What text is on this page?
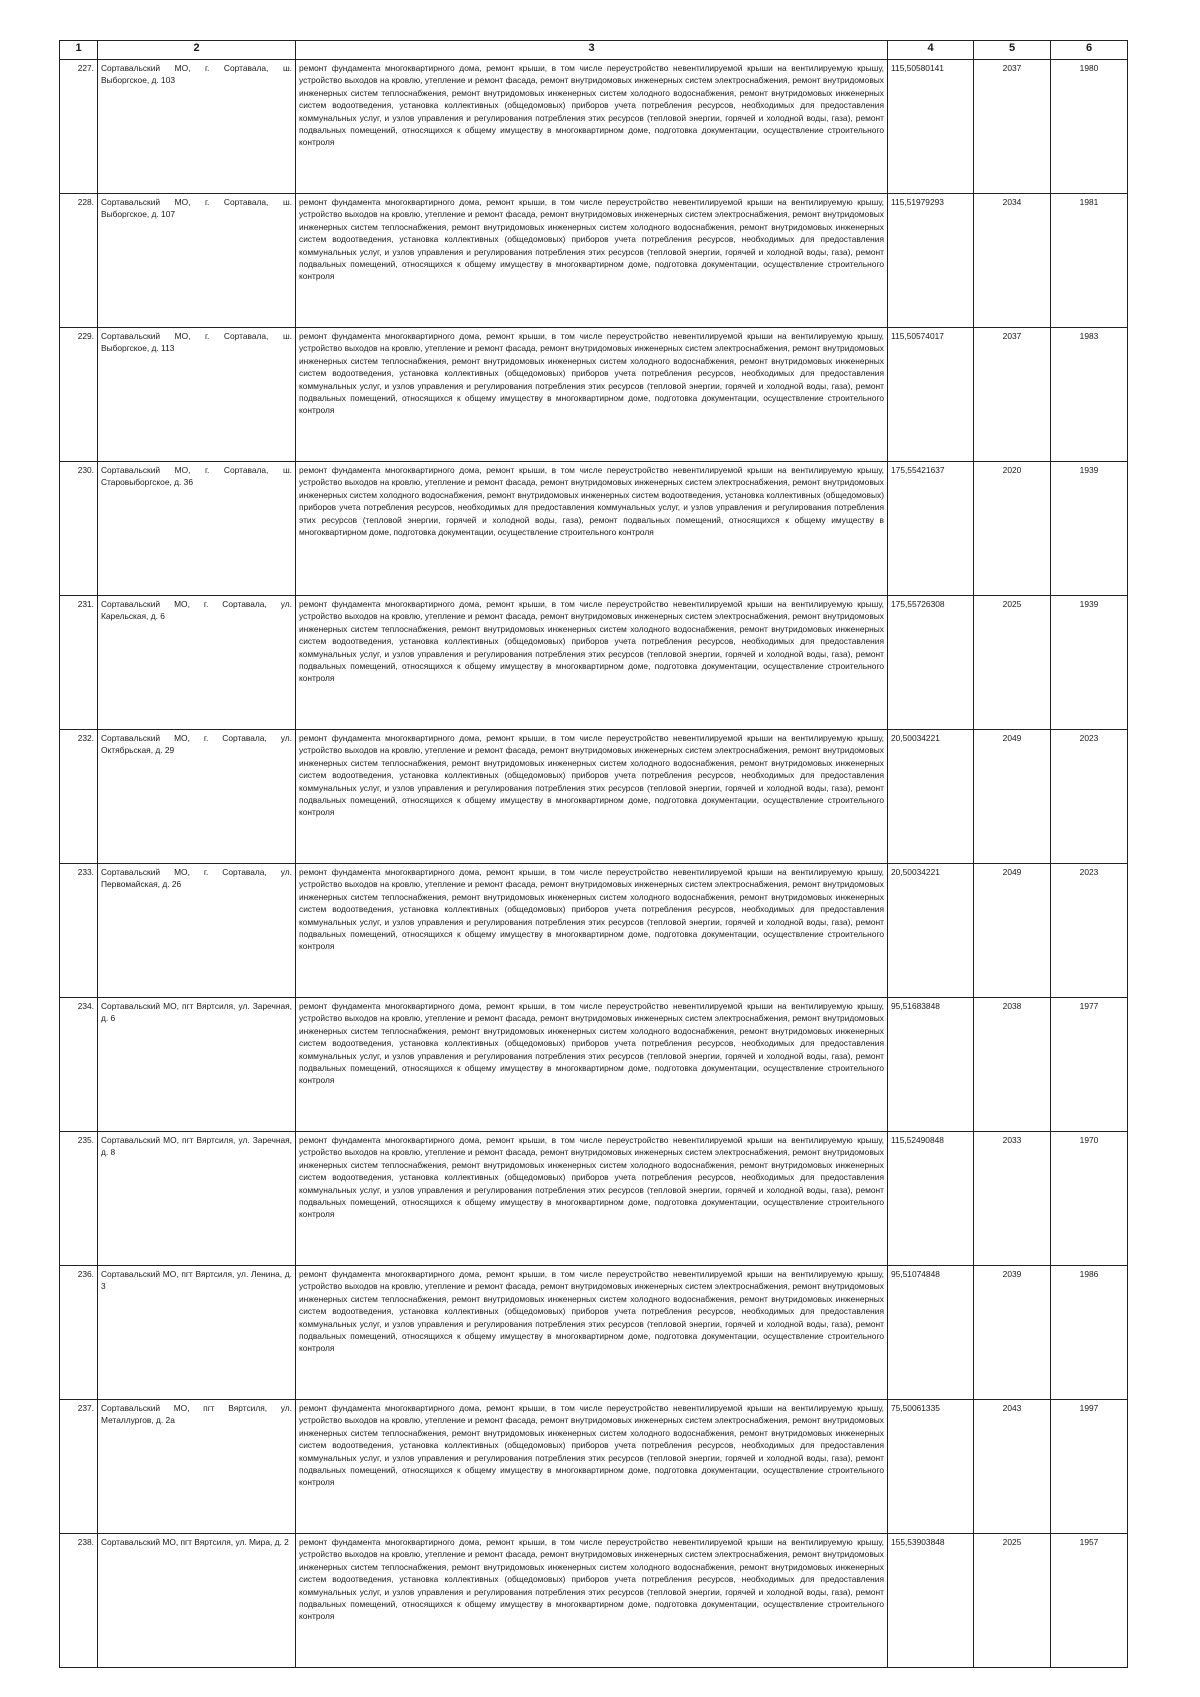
1	2	3	4	5	6
227.	Сортавальский МО, г. Сортавала, ш. Выборгское, д. 103	ремонт фундамента многоквартирного дома, ремонт крыши, в том числе переустройство невентилируемой крыши на вентилируемую крышу, устройство выходов на кровлю, утепление и ремонт фасада, ремонт внутридомовых инженерных систем электроснабжения, ремонт внутридомовых инженерных систем теплоснабжения, ремонт внутридомовых инженерных систем холодного водоснабжения, ремонт внутридомовых инженерных систем водоотведения, установка коллективных (общедомовых) приборов учета потребления ресурсов, необходимых для предоставления коммунальных услуг, и узлов управления и регулирования потребления этих ресурсов (тепловой энергии, горячей и холодной воды, газа), ремонт подвальных помещений, относящихся к общему имуществу в многоквартирном доме, подготовка документации, осуществление строительного контроля	115,50580141	2037	1980
228.	Сортавальский МО, г. Сортавала, ш. Выборгское, д. 107	ремонт фундамента многоквартирного дома, ремонт крыши, в том числе переустройство невентилируемой крыши на вентилируемую крышу, устройство выходов на кровлю, утепление и ремонт фасада, ремонт внутридомовых инженерных систем электроснабжения, ремонт внутридомовых инженерных систем теплоснабжения, ремонт внутридомовых инженерных систем холодного водоснабжения, ремонт внутридомовых инженерных систем водоотведения, установка коллективных (общедомовых) приборов учета потребления ресурсов, необходимых для предоставления коммунальных услуг, и узлов управления и регулирования потребления этих ресурсов (тепловой энергии, горячей и холодной воды, газа), ремонт подвальных помещений, относящихся к общему имуществу в многоквартирном доме, подготовка документации, осуществление строительного контроля	115,51979293	2034	1981
229.	Сортавальский МО, г. Сортавала, ш. Выборгское, д. 113	ремонт фундамента многоквартирного дома, ремонт крыши, в том числе переустройство невентилируемой крыши на вентилируемую крышу, устройство выходов на кровлю, утепление и ремонт фасада, ремонт внутридомовых инженерных систем электроснабжения, ремонт внутридомовых инженерных систем теплоснабжения, ремонт внутридомовых инженерных систем холодного водоснабжения, ремонт внутридомовых инженерных систем водоотведения, установка коллективных (общедомовых) приборов учета потребления ресурсов, необходимых для предоставления коммунальных услуг, и узлов управления и регулирования потребления этих ресурсов (тепловой энергии, горячей и холодной воды, газа), ремонт подвальных помещений, относящихся к общему имуществу в многоквартирном доме, подготовка документации, осуществление строительного контроля	115,50574017	2037	1983
230.	Сортавальский МО, г. Сортавала, ш. Старовыборгское, д. 36	ремонт фундамента многоквартирного дома, ремонт крыши, в том числе переустройство невентилируемой крыши на вентилируемую крышу, устройство выходов на кровлю, утепление и ремонт фасада, ремонт внутридомовых инженерных систем электроснабжения, ремонт внутридомовых инженерных систем холодного водоснабжения, ремонт внутридомовых инженерных систем водоотведения, установка коллективных (общедомовых) приборов учета потребления ресурсов, необходимых для предоставления коммунальных услуг, и узлов управления и регулирования потребления этих ресурсов (тепловой энергии, горячей и холодной воды, газа), ремонт подвальных помещений, относящихся к общему имуществу в многоквартирном доме, подготовка документации, осуществление строительного контроля	175,55421637	2020	1939
231.	Сортавальский МО, г. Сортавала, ул. Карельская, д. 6	ремонт фундамента многоквартирного дома, ремонт крыши, в том числе переустройство невентилируемой крыши на вентилируемую крышу, устройство выходов на кровлю, утепление и ремонт фасада, ремонт внутридомовых инженерных систем электроснабжения, ремонт внутридомовых инженерных систем теплоснабжения, ремонт внутридомовых инженерных систем холодного водоснабжения, ремонт внутридомовых инженерных систем водоотведения, установка коллективных (общедомовых) приборов учета потребления ресурсов, необходимых для предоставления коммунальных услуг, и узлов управления и регулирования потребления этих ресурсов (тепловой энергии, горячей и холодной воды, газа), ремонт подвальных помещений, относящихся к общему имуществу в многоквартирном доме, подготовка документации, осуществление строительного контроля	175,55726308	2025	1939
232.	Сортавальский МО, г. Сортавала, ул. Октябрьская, д. 29	ремонт фундамента многоквартирного дома, ремонт крыши, в том числе переустройство невентилируемой крыши на вентилируемую крышу, устройство выходов на кровлю, утепление и ремонт фасада, ремонт внутридомовых инженерных систем электроснабжения, ремонт внутридомовых инженерных систем теплоснабжения, ремонт внутридомовых инженерных систем холодного водоснабжения, ремонт внутридомовых инженерных систем водоотведения, установка коллективных (общедомовых) приборов учета потребления ресурсов, необходимых для предоставления коммунальных услуг, и узлов управления и регулирования потребления этих ресурсов (тепловой энергии, горячей и холодной воды, газа), ремонт подвальных помещений, относящихся к общему имуществу в многоквартирном доме, подготовка документации, осуществление строительного контроля	20,50034221	2049	2023
233.	Сортавальский МО, г. Сортавала, ул. Первомайская, д. 26	ремонт фундамента многоквартирного дома, ремонт крыши, в том числе переустройство невентилируемой крыши на вентилируемую крышу, устройство выходов на кровлю, утепление и ремонт фасада, ремонт внутридомовых инженерных систем электроснабжения, ремонт внутридомовых инженерных систем теплоснабжения, ремонт внутридомовых инженерных систем холодного водоснабжения, ремонт внутридомовых инженерных систем водоотведения, установка коллективных (общедомовых) приборов учета потребления ресурсов, необходимых для предоставления коммунальных услуг, и узлов управления и регулирования потребления этих ресурсов (тепловой энергии, горячей и холодной воды, газа), ремонт подвальных помещений, относящихся к общему имуществу в многоквартирном доме, подготовка документации, осуществление строительного контроля	20,50034221	2049	2023
234.	Сортавальский МО, пгт Вяртсиля, ул. Заречная, д. 6	ремонт фундамента многоквартирного дома, ремонт крыши, в том числе переустройство невентилируемой крыши на вентилируемую крышу, устройство выходов на кровлю, утепление и ремонт фасада, ремонт внутридомовых инженерных систем электроснабжения, ремонт внутридомовых инженерных систем теплоснабжения, ремонт внутридомовых инженерных систем холодного водоснабжения, ремонт внутридомовых инженерных систем водоотведения, установка коллективных (общедомовых) приборов учета потребления ресурсов, необходимых для предоставления коммунальных услуг, и узлов управления и регулирования потребления этих ресурсов (тепловой энергии, горячей и холодной воды, газа), ремонт подвальных помещений, относящихся к общему имуществу в многоквартирном доме, подготовка документации, осуществление строительного контроля	95,51683848	2038	1977
235.	Сортавальский МО, пгт Вяртсиля, ул. Заречная, д. 8	ремонт фундамента многоквартирного дома, ремонт крыши, в том числе переустройство невентилируемой крыши на вентилируемую крышу, устройство выходов на кровлю, утепление и ремонт фасада, ремонт внутридомовых инженерных систем электроснабжения, ремонт внутридомовых инженерных систем теплоснабжения, ремонт внутридомовых инженерных систем холодного водоснабжения, ремонт внутридомовых инженерных систем водоотведения, установка коллективных (общедомовых) приборов учета потребления ресурсов, необходимых для предоставления коммунальных услуг, и узлов управления и регулирования потребления этих ресурсов (тепловой энергии, горячей и холодной воды, газа), ремонт подвальных помещений, относящихся к общему имуществу в многоквартирном доме, подготовка документации, осуществление строительного контроля	115,52490848	2033	1970
236.	Сортавальский МО, пгт Вяртсиля, ул. Ленина, д. 3	ремонт фундамента многоквартирного дома, ремонт крыши, в том числе переустройство невентилируемой крыши на вентилируемую крышу, устройство выходов на кровлю, утепление и ремонт фасада, ремонт внутридомовых инженерных систем электроснабжения, ремонт внутридомовых инженерных систем теплоснабжения, ремонт внутридомовых инженерных систем холодного водоснабжения, ремонт внутридомовых инженерных систем водоотведения, установка коллективных (общедомовых) приборов учета потребления ресурсов, необходимых для предоставления коммунальных услуг, и узлов управления и регулирования потребления этих ресурсов (тепловой энергии, горячей и холодной воды, газа), ремонт подвальных помещений, относящихся к общему имуществу в многоквартирном доме, подготовка документации, осуществление строительного контроля	95,51074848	2039	1986
237.	Сортавальский МО, пгт Вяртсиля, ул. Металлургов, д. 2а	ремонт фундамента многоквартирного дома, ремонт крыши, в том числе переустройство невентилируемой крыши на вентилируемую крышу, устройство выходов на кровлю, утепление и ремонт фасада, ремонт внутридомовых инженерных систем электроснабжения, ремонт внутридомовых инженерных систем теплоснабжения, ремонт внутридомовых инженерных систем холодного водоснабжения, ремонт внутридомовых инженерных систем водоотведения, установка коллективных (общедомовых) приборов учета потребления ресурсов, необходимых для предоставления коммунальных услуг, и узлов управления и регулирования потребления этих ресурсов (тепловой энергии, горячей и холодной воды, газа), ремонт подвальных помещений, относящихся к общему имуществу в многоквартирном доме, подготовка документации, осуществление строительного контроля	75,50061335	2043	1997
238.	Сортавальский МО, пгт Вяртсиля, ул. Мира, д. 2	ремонт фундамента многоквартирного дома, ремонт крыши, в том числе переустройство невентилируемой крыши на вентилируемую крышу, устройство выходов на кровлю, утепление и ремонт фасада, ремонт внутридомовых инженерных систем электроснабжения, ремонт внутридомовых инженерных систем теплоснабжения, ремонт внутридомовых инженерных систем холодного водоснабжения, ремонт внутридомовых инженерных систем водоотведения, установка коллективных (общедомовых) приборов учета потребления ресурсов, необходимых для предоставления коммунальных услуг, и узлов управления и регулирования потребления этих ресурсов (тепловой энергии, горячей и холодной воды, газа), ремонт подвальных помещений, относящихся к общему имуществу в многоквартирном доме, подготовка документации, осуществление строительного контроля	155,53903848	2025	1957
